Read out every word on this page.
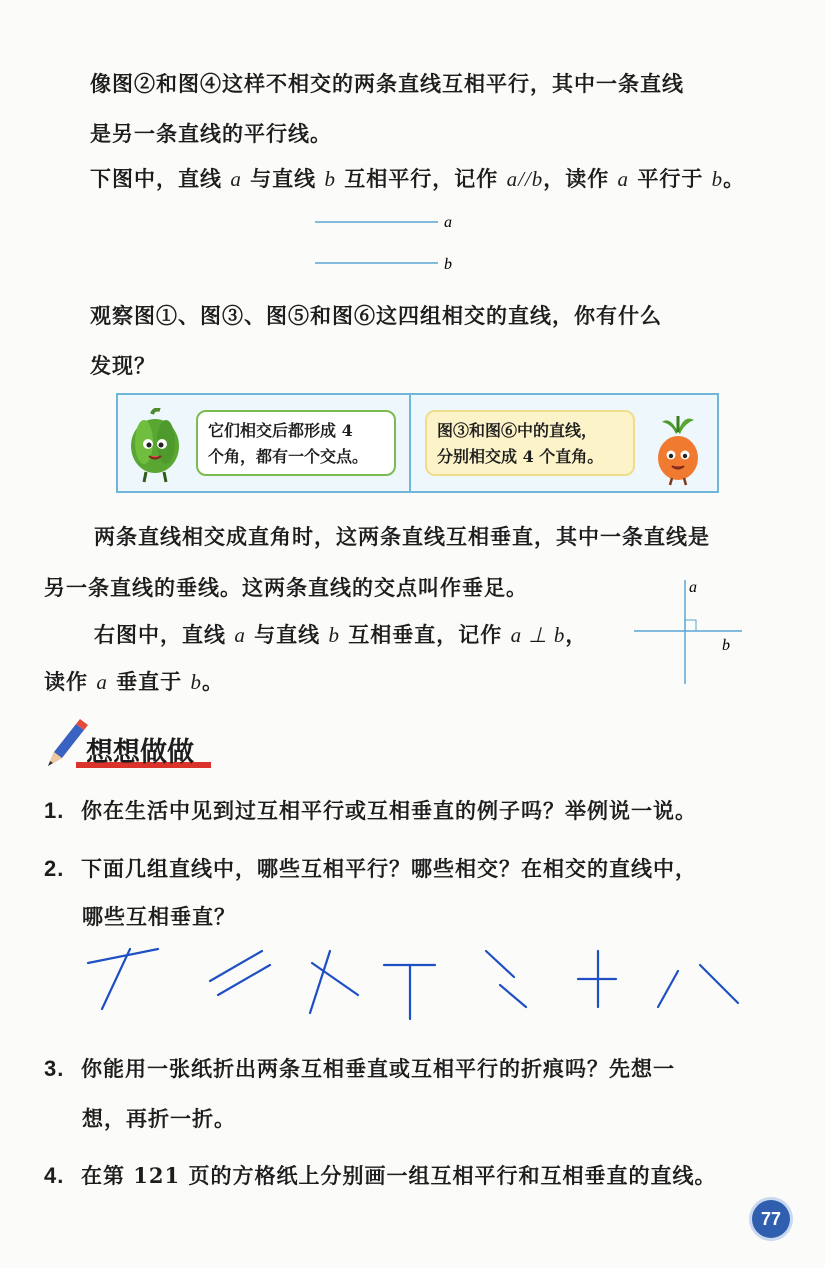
像图②和图④这样不相交的两条直线互相平行，其中一条直线
是另一条直线的平行线。
下图中，直线 a 与直线 b 互相平行，记作 a//b，读作 a 平行于 b。
a
b
观察图①、图③、图⑤和图⑥这四组相交的直线，你有什么
发现？
它们相交后都形成 4
个角，都有一个交点。
图③和图⑥中的直线，
分别相交成 4 个直角。
两条直线相交成直角时，这两条直线互相垂直，其中一条直线是
另一条直线的垂线。这两条直线的交点叫作垂足。
右图中，直线 a 与直线 b 互相垂直，记作 a ⊥ b，
读作 a 垂直于 b。
a
b
想想做做
1. 你在生活中见到过互相平行或互相垂直的例子吗？举例说一说。
2. 下面几组直线中，哪些互相平行？哪些相交？在相交的直线中，
哪些互相垂直？
3. 你能用一张纸折出两条互相垂直或互相平行的折痕吗？先想一
想，再折一折。
4. 在第 121 页的方格纸上分别画一组互相平行和互相垂直的直线。
77
